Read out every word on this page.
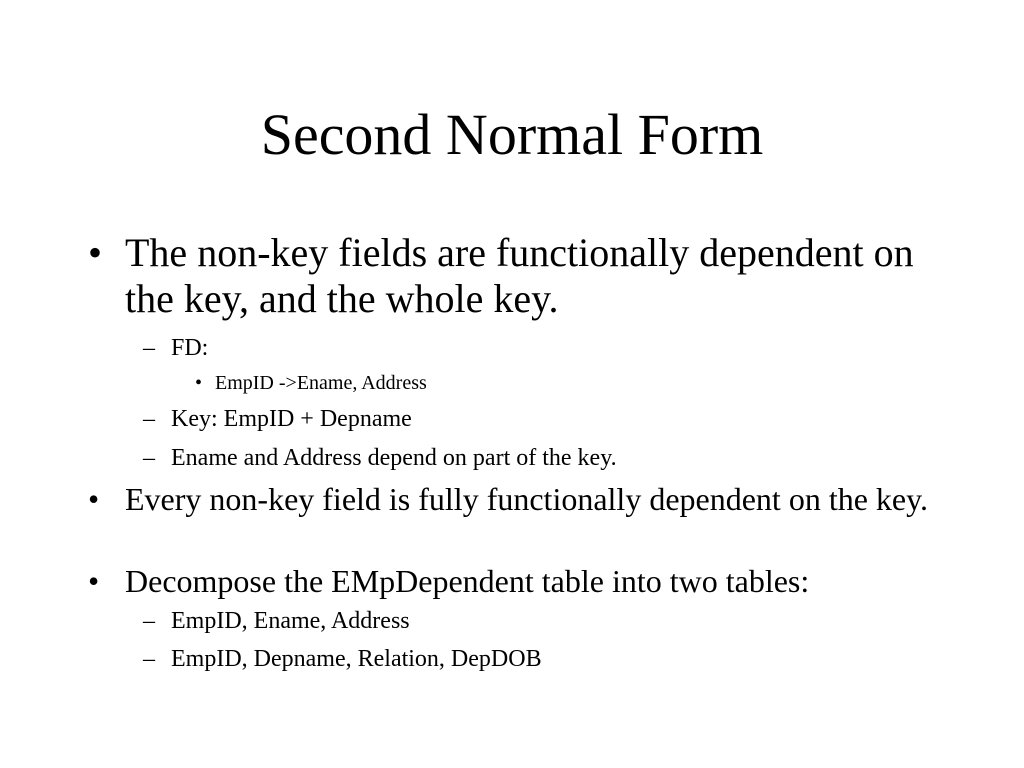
Second Normal Form
• The non-key fields are functionally dependent on the key, and the whole key.
– FD:
• EmpID ->Ename, Address
– Key: EmpID + Depname
– Ename and Address depend on part of the key.
• Every non-key field is fully functionally dependent on the key.
• Decompose the EMpDependent table into two tables:
– EmpID, Ename, Address
– EmpID, Depname, Relation, DepDOB
